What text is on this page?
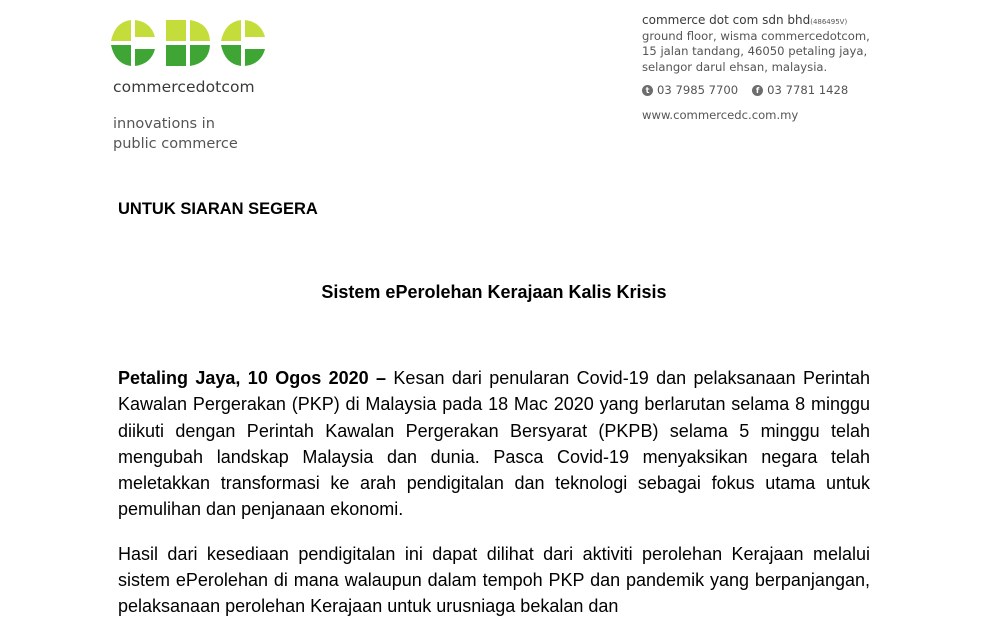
commercedotcom
innovations in
public commerce
commerce dot com sdn bhd$^{(486495V)}$
ground floor, wisma commercedotcom,
15 jalan tandang, 46050 petaling jaya,
selangor darul ehsan, malaysia.
t 03 7985 7700	f 03 7781 1428
www.commercedc.com.my
UNTUK SIARAN SEGERA
Sistem ePerolehan Kerajaan Kalis Krisis

Petaling Jaya, 10 Ogos 2020 – Kesan dari penularan Covid-19 dan pelaksanaan Perintah Kawalan Pergerakan (PKP) di Malaysia pada 18 Mac 2020 yang berlarutan selama 8 minggu diikuti dengan Perintah Kawalan Pergerakan Bersyarat (PKPB) selama 5 minggu telah mengubah landskap Malaysia dan dunia. Pasca Covid-19 menyaksikan negara telah meletakkan transformasi ke arah pendigitalan dan teknologi sebagai fokus utama untuk pemulihan dan penjanaan ekonomi.

Hasil dari kesediaan pendigitalan ini dapat dilihat dari aktiviti perolehan Kerajaan melalui sistem ePerolehan di mana walaupun dalam tempoh PKP dan pandemik yang berpanjangan, pelaksanaan perolehan Kerajaan untuk urusniaga bekalan dan
